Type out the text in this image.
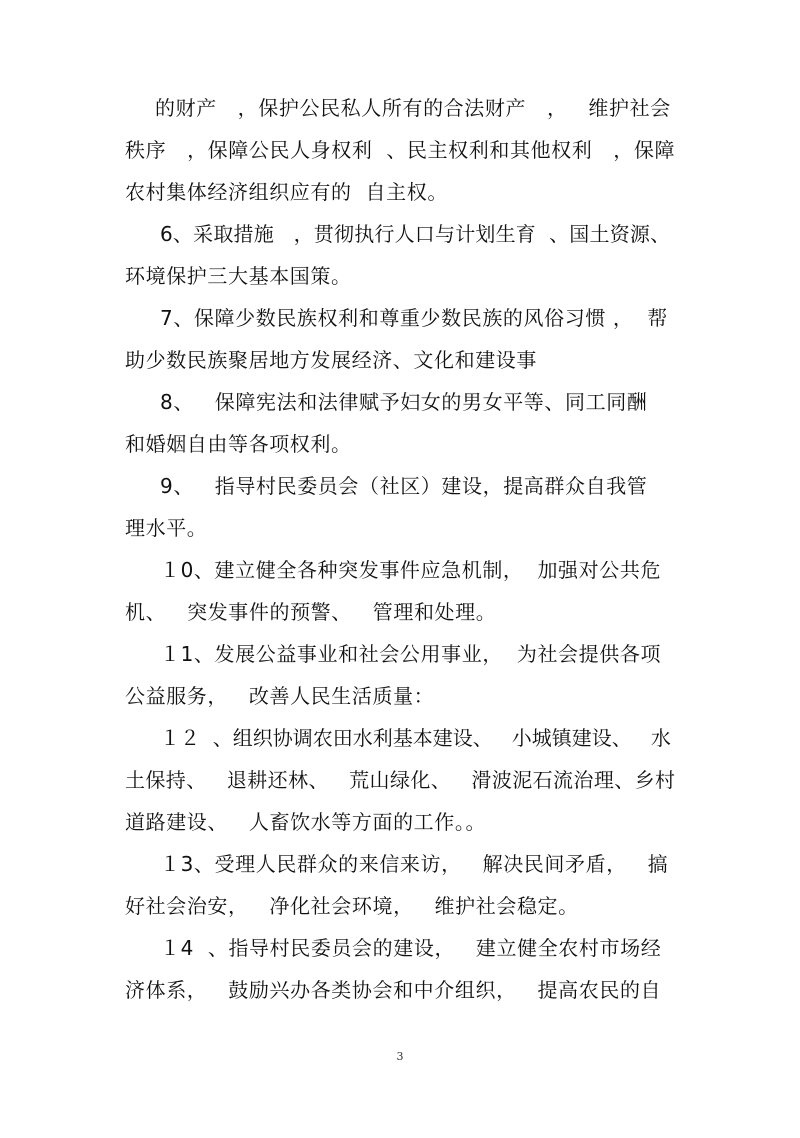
的财产   ，保护公民私人所有的合法财产   ，   维护社会
秩序   ，保障公民人身权利  、民主权利和其他权利   ，保障
农村集体经济组织应有的  自主权。
6、采取措施   ，贯彻执行人口与计划生育  、国土资源、
环境保护三大基本国策。
7、保障少数民族权利和尊重少数民族的风俗习惯 ，  帮
助少数民族聚居地方发展经济、文化和建设事
8、   保障宪法和法律赋予妇女的男女平等、同工同酬
和婚姻自由等各项权利。
9、   指导村民委员会（社区）建设，提高群众自我管
理水平。
１0、建立健全各种突发事件应急机制，  加强对公共危
机、   突发事件的预警、   管理和处理。
１1、发展公益事业和社会公用事业，  为社会提供各项
公益服务，   改善人民生活质量：
１２  、组织协调农田水利基本建设、   小城镇建设、   水
土保持、   退耕还林、   荒山绿化、   滑波泥石流治理、乡村
道路建设、   人畜饮水等方面的工作。。
１3、受理人民群众的来信来访，   解决民间矛盾，   搞
好社会治安，   净化社会环境，   维护社会稳定。
１4  、指导村民委员会的建设，   建立健全农村市场经
济体系，   鼓励兴办各类协会和中介组织，   提高农民的自
3
